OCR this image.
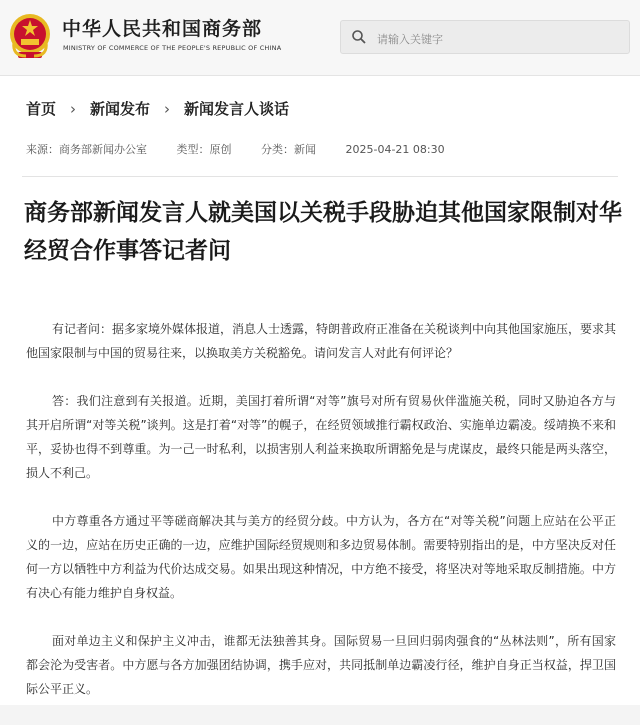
中华人民共和国商务部
MINISTRY OF COMMERCE OF THE PEOPLE'S REPUBLIC OF CHINA
请输入关键字
首页 › 新闻发布 › 新闻发言人谈话
来源：商务部新闻办公室	类型：原创	分类：新闻	2025-04-21 08:30
商务部新闻发言人就美国以关税手段胁迫其他国家限制对华经贸合作事答记者问

有记者问：据多家境外媒体报道，消息人士透露，特朗普政府正准备在关税谈判中向其他国家施压，要求其他国家限制与中国的贸易往来，以换取美方关税豁免。请问发言人对此有何评论？

答：我们注意到有关报道。近期，美国打着所谓“对等”旗号对所有贸易伙伴滥施关税，同时又胁迫各方与其开启所谓“对等关税”谈判。这是打着“对等”的幌子，在经贸领域推行霸权政治、实施单边霸凌。绥靖换不来和平，妥协也得不到尊重。为一己一时私利，以损害别人利益来换取所谓豁免是与虎谋皮，最终只能是两头落空，损人不利己。

中方尊重各方通过平等磋商解决其与美方的经贸分歧。中方认为，各方在“对等关税”问题上应站在公平正义的一边，应站在历史正确的一边，应维护国际经贸规则和多边贸易体制。需要特别指出的是，中方坚决反对任何一方以牺牲中方利益为代价达成交易。如果出现这种情况，中方绝不接受，将坚决对等地采取反制措施。中方有决心有能力维护自身权益。

面对单边主义和保护主义冲击，谁都无法独善其身。国际贸易一旦回归弱肉强食的“丛林法则”，所有国家都会沦为受害者。中方愿与各方加强团结协调，携手应对，共同抵制单边霸凌行径，维护自身正当权益，捍卫国际公平正义。
